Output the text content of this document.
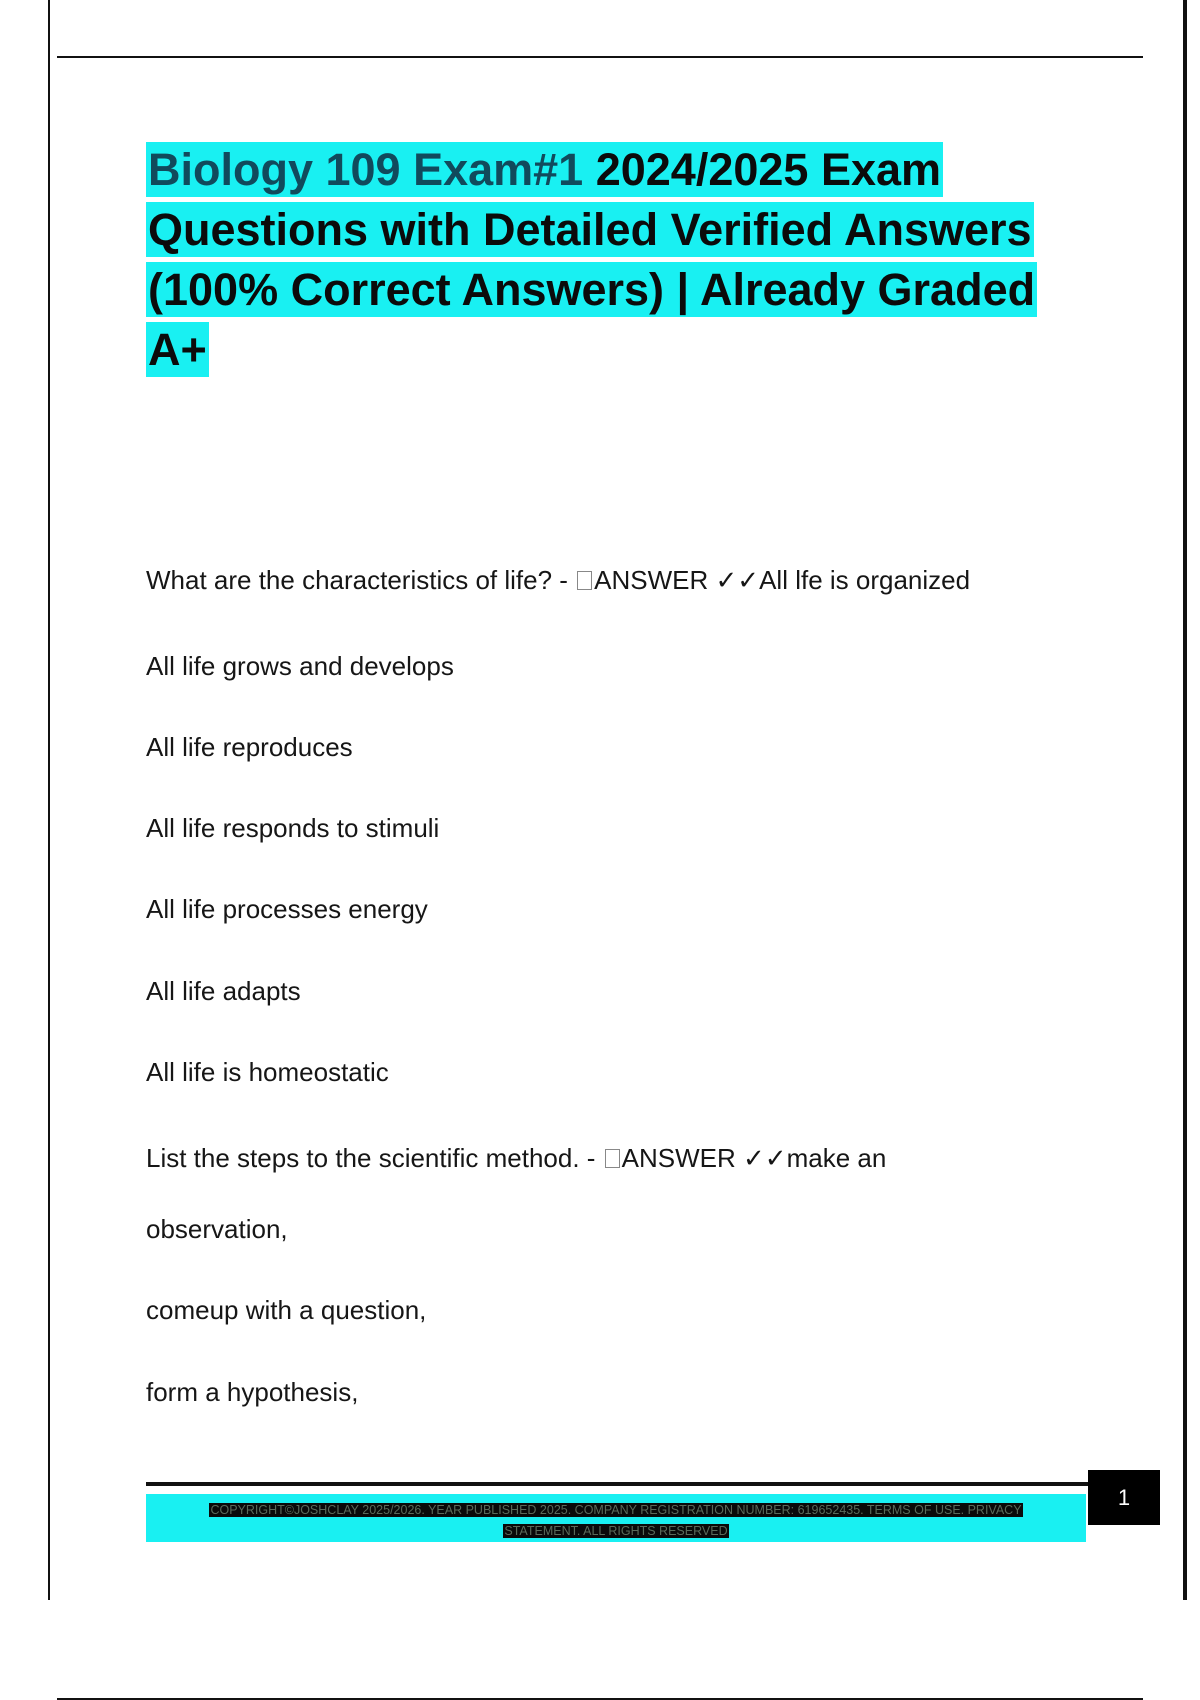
Biology 109 Exam#1 2024/2025 Exam Questions with Detailed Verified Answers (100% Correct Answers) | Already Graded A+

What are the characteristics of life? - ANSWER ✓✓All lfe is organized

All life grows and develops

All life reproduces

All life responds to stimuli

All life processes energy

All life adapts

All life is homeostatic

List the steps to the scientific method. - ANSWER ✓✓make an

observation,

comeup with a question,

form a hypothesis,

COPYRIGHT©JOSHCLAY 2025/2026. YEAR PUBLISHED 2025. COMPANY REGISTRATION NUMBER: 619652435. TERMS OF USE. PRIVACY
STATEMENT. ALL RIGHTS RESERVED
1
